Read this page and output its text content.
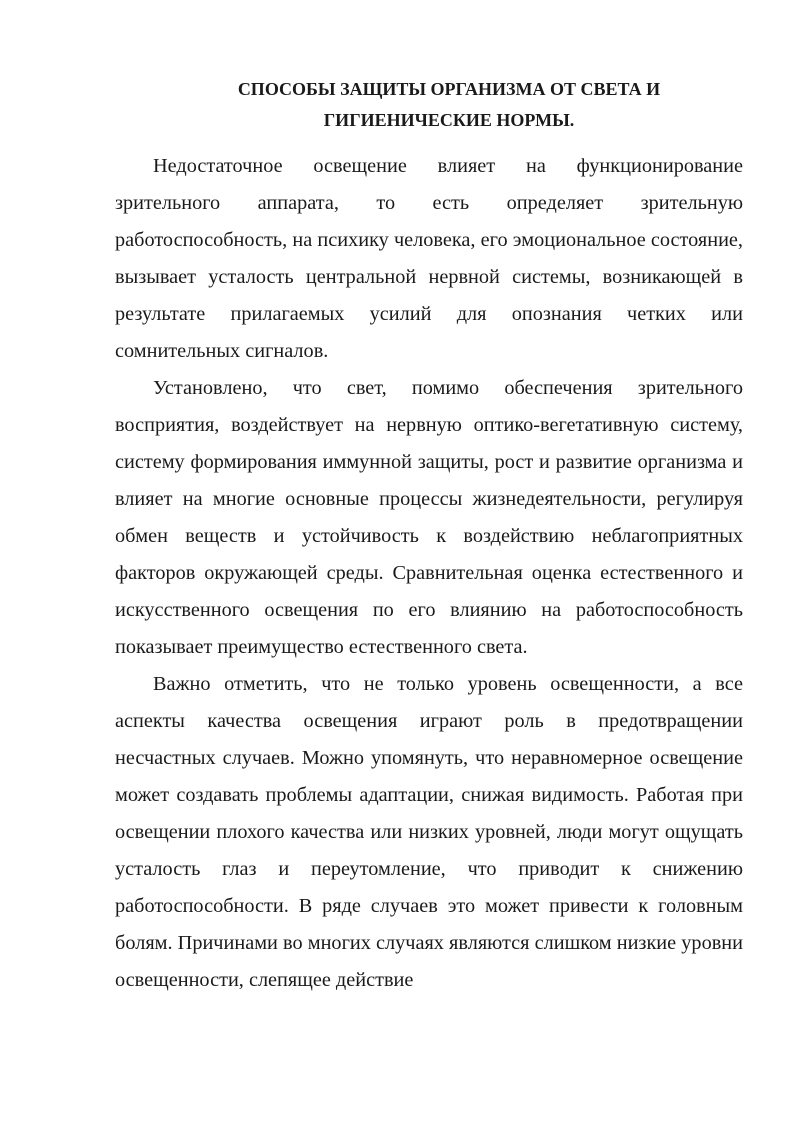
СПОСОБЫ ЗАЩИТЫ ОРГАНИЗМА ОТ СВЕТА И
ГИГИЕНИЧЕСКИЕ НОРМЫ.

Недостаточное освещение влияет на функционирование зрительного аппарата, то есть определяет зрительную работоспособность, на психику человека, его эмоциональное состояние, вызывает усталость центральной нервной системы, возникающей в результате прилагаемых усилий для опознания четких или сомнительных сигналов.

Установлено, что свет, помимо обеспечения зрительного восприятия, воздействует на нервную оптико-вегетативную систему, систему формирования иммунной защиты, рост и развитие организма и влияет на многие основные процессы жизнедеятельности, регулируя обмен веществ и устойчивость к воздействию неблагоприятных факторов окружающей среды. Сравнительная оценка естественного и искусственного освещения по его влиянию на работоспособность показывает преимущество естественного света.

Важно отметить, что не только уровень освещенности, а все аспекты качества освещения играют роль в предотвращении несчастных случаев. Можно упомянуть, что неравномерное освещение может создавать проблемы адаптации, снижая видимость. Работая при освещении плохого качества или низких уровней, люди могут ощущать усталость глаз и переутомление, что приводит к снижению работоспособности. В ряде случаев это может привести к головным болям. Причинами во многих случаях являются слишком низкие уровни освещенности, слепящее действие
